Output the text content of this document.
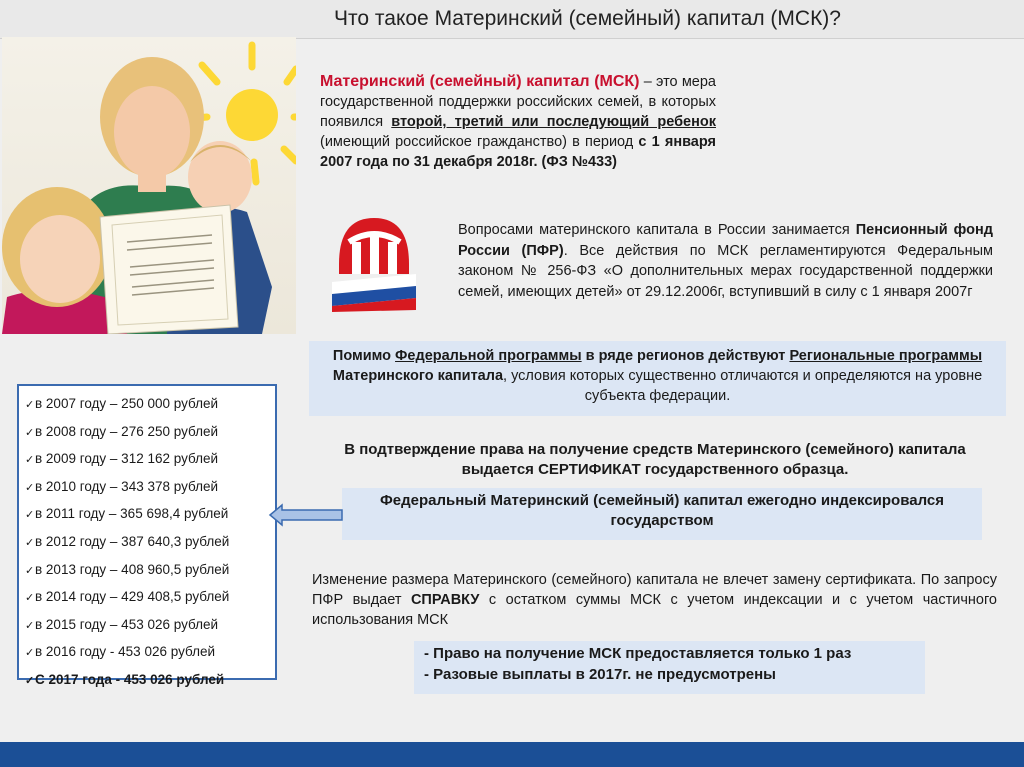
Что такое Материнский (семейный) капитал (МСК)?
Материнский (семейный) капитал (МСК) – это мера государственной поддержки российских семей, в которых появился второй, третий или последующий ребенок (имеющий российское гражданство) в период с 1 января 2007 года по 31 декабря 2018г. (ФЗ №433)
Вопросами материнского капитала в России занимается Пенсионный фонд России (ПФР). Все действия по МСК регламентируются Федеральным законом № 256-ФЗ «О дополнительных мерах государственной поддержки семей, имеющих детей» от 29.12.2006г, вступивший в силу с 1 января 2007г
Помимо Федеральной программы в ряде регионов действуют Региональные программы Материнского капитала, условия которых существенно отличаются и определяются на уровне субъекта федерации.
В подтверждение права на получение средств Материнского (семейного) капитала выдается СЕРТИФИКАТ государственного образца.
Федеральный Материнский (семейный) капитал ежегодно индексировался государством
Изменение размера Материнского (семейного) капитала не влечет замену сертификата. По запросу ПФР выдает СПРАВКУ с остатком суммы МСК с учетом индексации и с учетом частичного использования МСК
- Право на получение МСК предоставляется только 1 раз
- Разовые выплаты в 2017г. не предусмотрены
✓в 2007 году – 250 000 рублей
✓в 2008 году – 276 250 рублей
✓в 2009 году – 312 162 рублей
✓в 2010 году – 343 378 рублей
✓в 2011 году – 365 698,4 рублей
✓в 2012 году – 387 640,3 рублей
✓в 2013 году – 408 960,5 рублей
✓в 2014 году – 429 408,5 рублей
✓в 2015 году – 453 026 рублей
✓в 2016 году - 453 026 рублей
✓С 2017 года - 453 026 рублей
